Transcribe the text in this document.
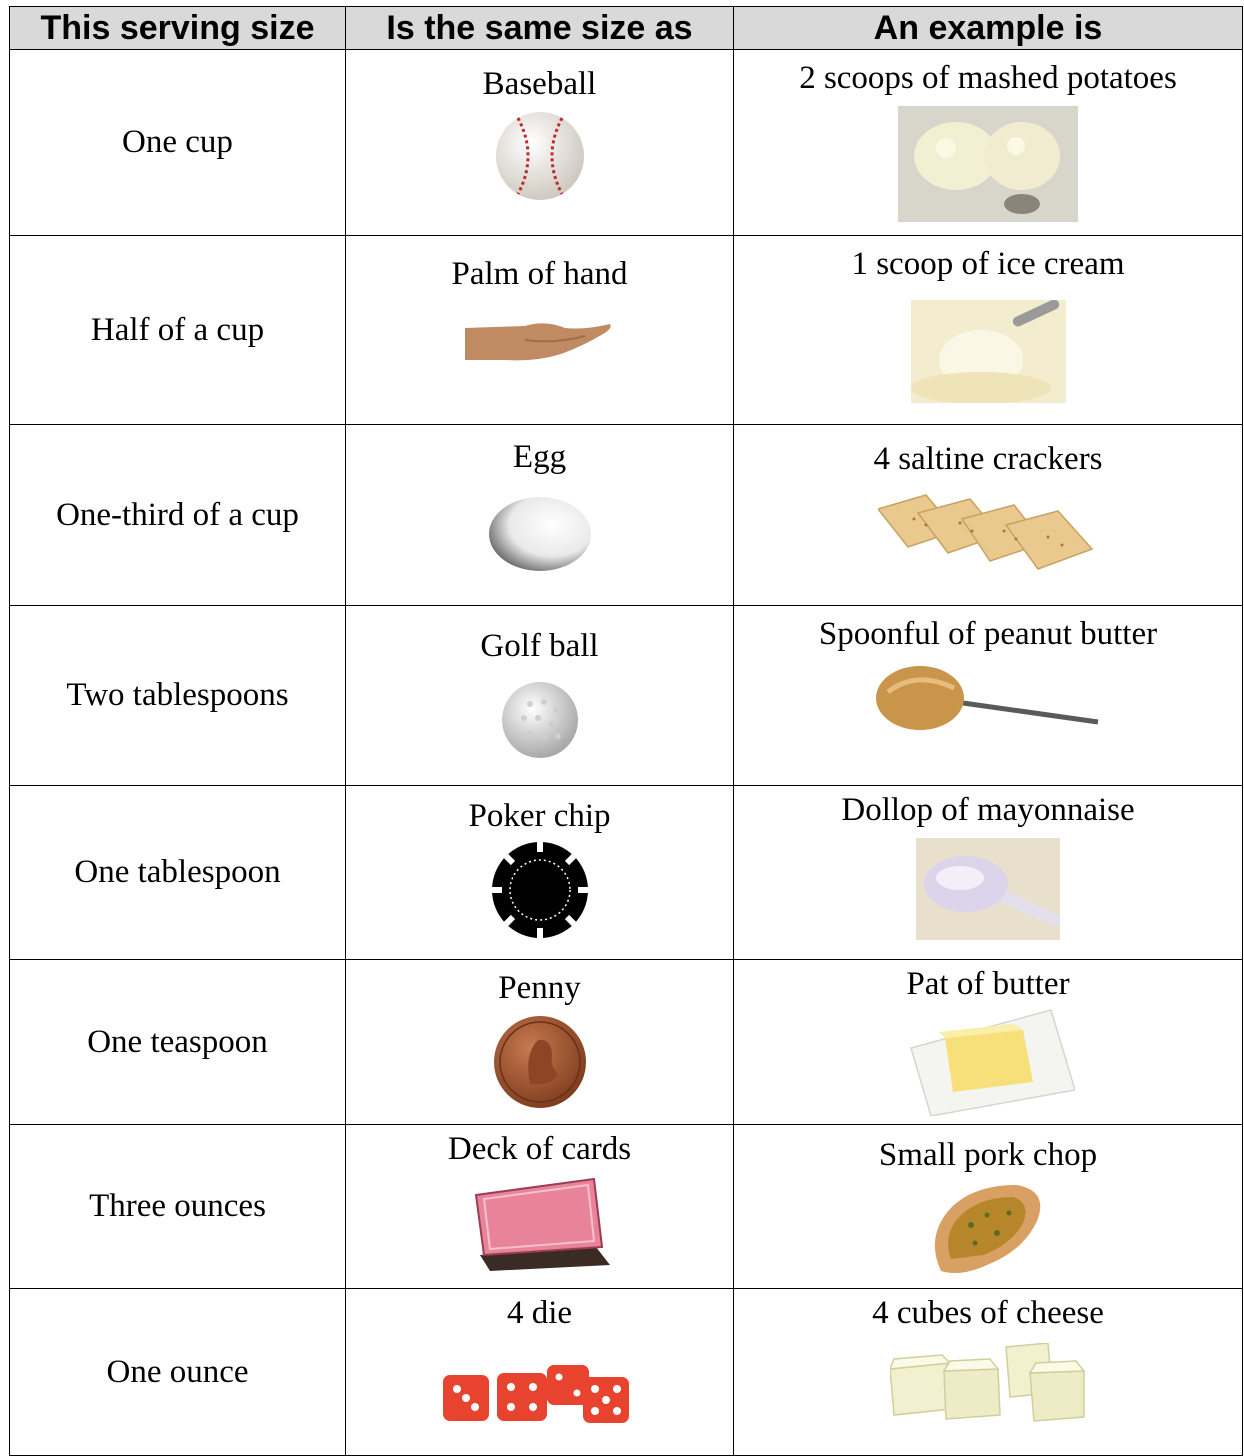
This serving size	Is the same size as	An example is
One cup	Baseball	2 scoops of mashed potatoes

Half of a cup	Palm of hand	1 scoop of ice cream

One-third of a cup	Egg	4 saltine crackers

Two tablespoons	Golf ball	Spoonful of peanut butter

One tablespoon	Poker chip	Dollop of mayonnaise

One teaspoon	Penny	Pat of butter

Three ounces	Deck of cards	Small pork chop

One ounce	4 die	4 cubes of cheese
